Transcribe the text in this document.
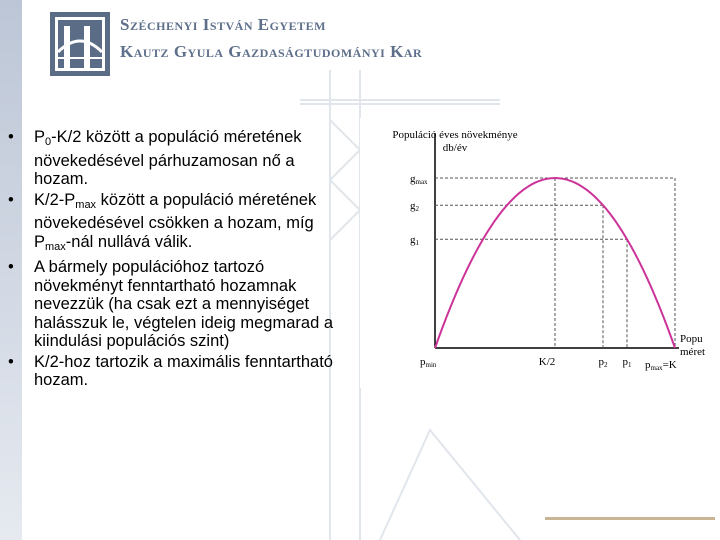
Széchenyi István Egyetem
Kautz Gyula Gazdaságtudományi Kar
• $P_0-K/2$ között a populáció méretének növekedésével párhuzamosan nő a hozam.
• $K/2-P_{max}$ között a populáció méretének növekedésével csökken a hozam, míg $P_{max}$-nál nullává válik.
• A bármely populációhoz tartozó növekményt fenntartható hozamnak nevezzük (ha csak ezt a mennyiséget halásszuk le, végtelen ideig megmarad a kiindulási populációs szint)
• K/2-hoz tartozik a maximális fenntartható hozam.
Populáció éves növekménye
db/év
Popu
méret
gmax
g2
g1
K/2	p2 p1
pmin	pmax=K
